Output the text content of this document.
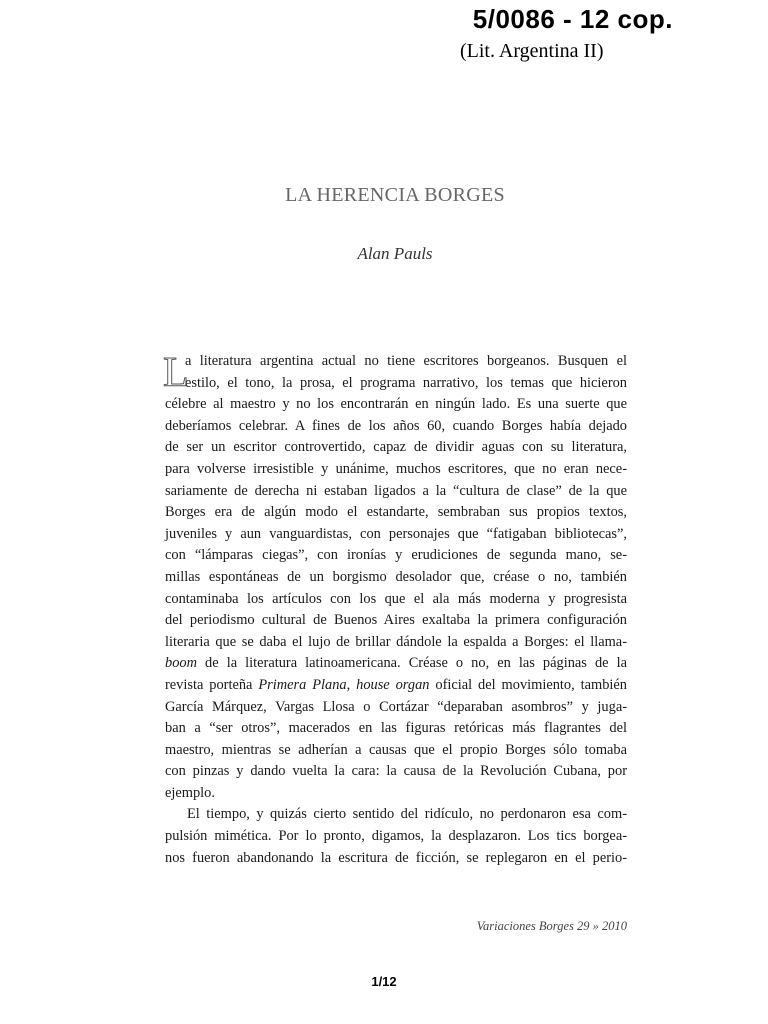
5/0086 - 12 cop.
(Lit. Argentina II)
LA HERENCIA BORGES
Alan Pauls
L
a literatura argentina actual no tiene escritores borgeanos. Busquen el
estilo, el tono, la prosa, el programa narrativo, los temas que hicieron
célebre al maestro y no los encontrarán en ningún lado. Es una suerte que
deberíamos celebrar. A fines de los años 60, cuando Borges había dejado
de ser un escritor controvertido, capaz de dividir aguas con su literatura,
para volverse irresistible y unánime, muchos escritores, que no eran nece-
sariamente de derecha ni estaban ligados a la “cultura de clase” de la que
Borges era de algún modo el estandarte, sembraban sus propios textos,
juveniles y aun vanguardistas, con personajes que “fatigaban bibliotecas”,
con “lámparas ciegas”, con ironías y erudiciones de segunda mano, se-
millas espontáneas de un borgismo desolador que, créase o no, también
contaminaba los artículos con los que el ala más moderna y progresista
del periodismo cultural de Buenos Aires exaltaba la primera configuración
literaria que se daba el lujo de brillar dándole la espalda a Borges: el llama-
boom de la literatura latinoamericana. Créase o no, en las páginas de la
revista porteña Primera Plana, house organ oficial del movimiento, también
García Márquez, Vargas Llosa o Cortázar “deparaban asombros” y juga-
ban a “ser otros”, macerados en las figuras retóricas más flagrantes del
maestro, mientras se adherían a causas que el propio Borges sólo tomaba
con pinzas y dando vuelta la cara: la causa de la Revolución Cubana, por
ejemplo.
El tiempo, y quizás cierto sentido del ridículo, no perdonaron esa com-
pulsión mimética. Por lo pronto, digamos, la desplazaron. Los tics borgea-
nos fueron abandonando la escritura de ficción, se replegaron en el perio-
Variaciones Borges 29 » 2010
1/12
